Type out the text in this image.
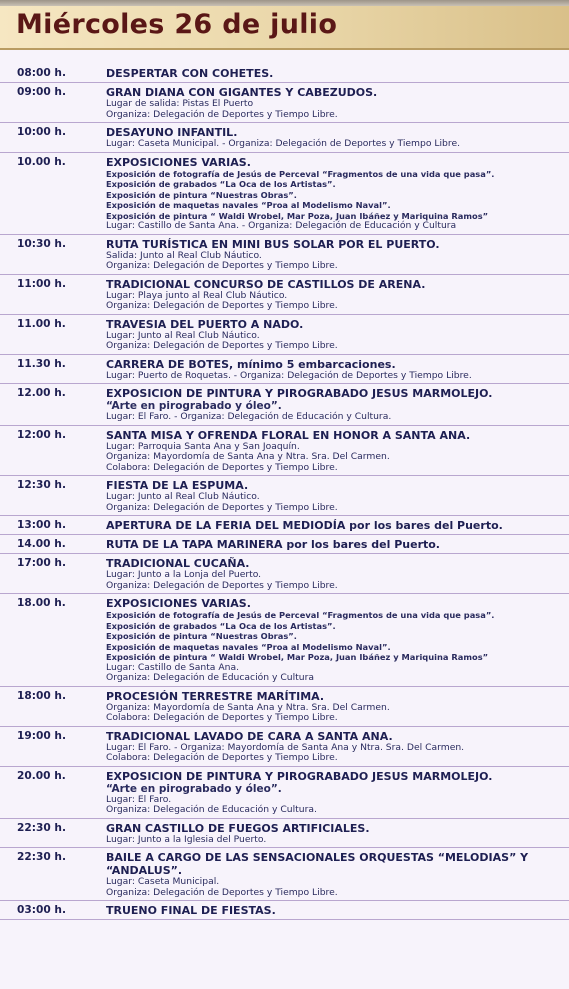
Miércoles 26 de julio
08:00 h.	DESPERTAR CON COHETES.
09:00 h.	GRAN DIANA CON GIGANTES Y CABEZUDOS.
Lugar de salida: Pistas El Puerto
Organiza: Delegación de Deportes y Tiempo Libre.
10:00 h.	DESAYUNO INFANTIL.
Lugar: Caseta Municipal. - Organiza: Delegación de Deportes y Tiempo Libre.
10.00 h.	EXPOSICIONES VARIAS.
Exposición de fotografía de Jesús de Perceval “Fragmentos de una vida que pasa”.
Exposición de grabados “La Oca de los Artistas”.
Exposición de pintura “Nuestras Obras”.
Exposición de maquetas navales “Proa al Modelismo Naval”.
Exposición de pintura “ Waldi Wrobel, Mar Poza, Juan Ibáñez y Mariquina Ramos”
Lugar: Castillo de Santa Ana. - Organiza: Delegación de Educación y Cultura
10:30 h.	RUTA TURÍSTICA EN MINI BUS SOLAR POR EL PUERTO.
Salida: Junto al Real Club Náutico.
Organiza: Delegación de Deportes y Tiempo Libre.
11:00 h.	TRADICIONAL CONCURSO DE CASTILLOS DE ARENA.
Lugar: Playa junto al Real Club Náutico.
Organiza: Delegación de Deportes y Tiempo Libre.
11.00 h.	TRAVESIA DEL PUERTO A NADO.
Lugar: Junto al Real Club Náutico.
Organiza: Delegación de Deportes y Tiempo Libre.
11.30 h.	CARRERA DE BOTES, mínimo 5 embarcaciones.
Lugar: Puerto de Roquetas. - Organiza: Delegación de Deportes y Tiempo Libre.
12.00 h.	EXPOSICION DE PINTURA Y PIROGRABADO JESUS MARMOLEJO.
“Arte en pirograbado y óleo”.
Lugar: El Faro. - Organiza: Delegación de Educación y Cultura.
12:00 h.	SANTA MISA Y OFRENDA FLORAL EN HONOR A SANTA ANA.
Lugar: Parroquia Santa Ana y San Joaquín.
Organiza: Mayordomía de Santa Ana y Ntra. Sra. Del Carmen.
Colabora: Delegación de Deportes y Tiempo Libre.
12:30 h.	FIESTA DE LA ESPUMA.
Lugar: Junto al Real Club Náutico.
Organiza: Delegación de Deportes y Tiempo Libre.
13:00 h.	APERTURA DE LA FERIA DEL MEDIODÍA por los bares del Puerto.
14.00 h.	RUTA DE LA TAPA MARINERA por los bares del Puerto.
17:00 h.	TRADICIONAL CUCAÑA.
Lugar: Junto a la Lonja del Puerto.
Organiza: Delegación de Deportes y Tiempo Libre.
18.00 h.	EXPOSICIONES VARIAS.
Exposición de fotografía de Jesús de Perceval “Fragmentos de una vida que pasa”.
Exposición de grabados “La Oca de los Artistas”.
Exposición de pintura “Nuestras Obras”.
Exposición de maquetas navales “Proa al Modelismo Naval”.
Exposición de pintura “ Waldi Wrobel, Mar Poza, Juan Ibáñez y Mariquina Ramos”
Lugar: Castillo de Santa Ana.
Organiza: Delegación de Educación y Cultura
18:00 h.	PROCESIÓN TERRESTRE MARÍTIMA.
Organiza: Mayordomía de Santa Ana y Ntra. Sra. Del Carmen.
Colabora: Delegación de Deportes y Tiempo Libre.
19:00 h.	TRADICIONAL LAVADO DE CARA A SANTA ANA.
Lugar: El Faro. - Organiza: Mayordomía de Santa Ana y Ntra. Sra. Del Carmen.
Colabora: Delegación de Deportes y Tiempo Libre.
20.00 h.	EXPOSICION DE PINTURA Y PIROGRABADO JESUS MARMOLEJO.
“Arte en pirograbado y óleo”.
Lugar: El Faro.
Organiza: Delegación de Educación y Cultura.
22:30 h.	GRAN CASTILLO DE FUEGOS ARTIFICIALES.
Lugar: Junto a la Iglesia del Puerto.
22:30 h.	BAILE A CARGO DE LAS SENSACIONALES ORQUESTAS “MELODIAS” Y “ANDALUS”.
Lugar: Caseta Municipal.
Organiza: Delegación de Deportes y Tiempo Libre.
03:00 h.	TRUENO FINAL DE FIESTAS.
